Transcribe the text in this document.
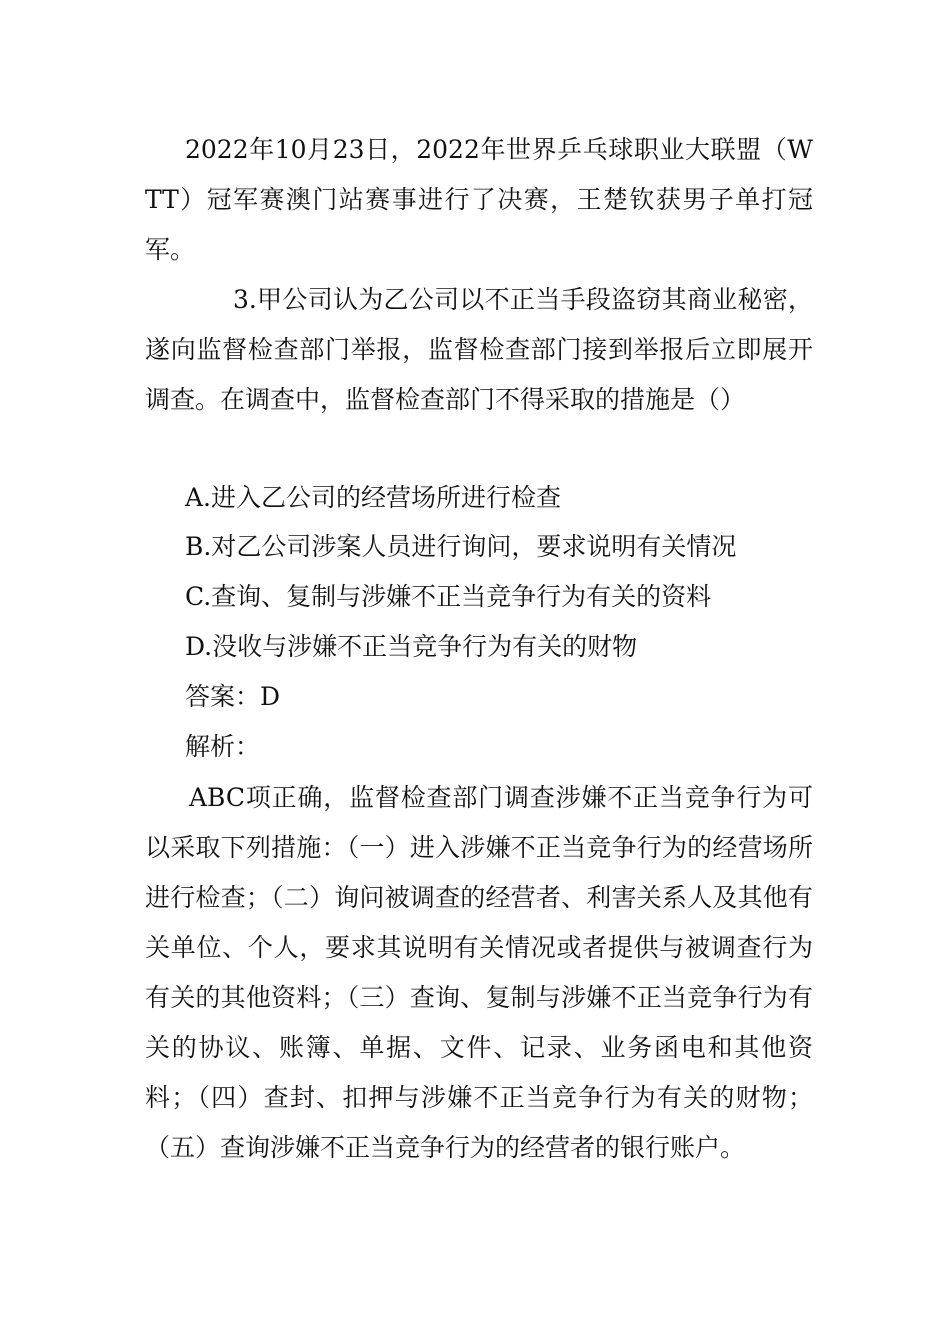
2022年10月23日，2022年世界乒乓球职业大联盟（WTT）冠军赛澳门站赛事进行了决赛，王楚钦获男子单打冠军。

3.甲公司认为乙公司以不正当手段盗窃其商业秘密，遂向监督检查部门举报，监督检查部门接到举报后立即展开调查。在调查中，监督检查部门不得采取的措施是（）

A.进入乙公司的经营场所进行检查

B.对乙公司涉案人员进行询问，要求说明有关情况

C.查询、复制与涉嫌不正当竞争行为有关的资料

D.没收与涉嫌不正当竞争行为有关的财物

答案：D

解析：

ABC项正确，监督检查部门调查涉嫌不正当竞争行为可以采取下列措施：（一）进入涉嫌不正当竞争行为的经营场所进行检查；（二）询问被调查的经营者、利害关系人及其他有关单位、个人，要求其说明有关情况或者提供与被调查行为有关的其他资料；（三）查询、复制与涉嫌不正当竞争行为有关的协议、账簿、单据、文件、记录、业务函电和其他资料；（四）查封、扣押与涉嫌不正当竞争行为有关的财物；（五）查询涉嫌不正当竞争行为的经营者的银行账户。
